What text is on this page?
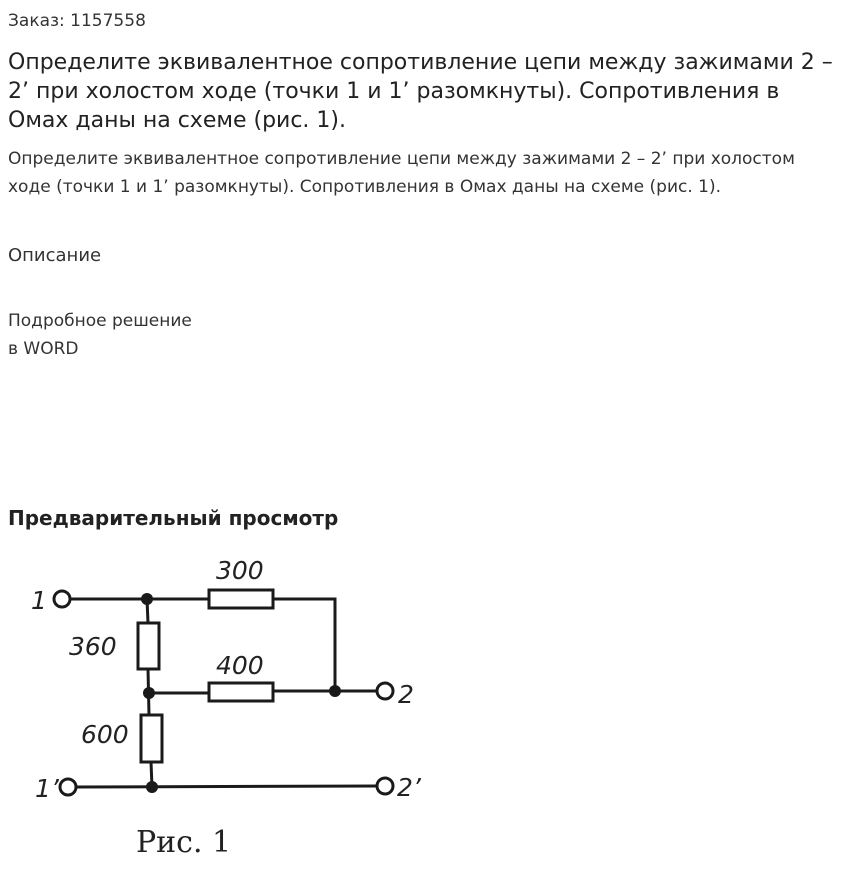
Заказ: 1157558
Определите эквивалентное сопротивление цепи между зажимами 2 – 2’ при холостом ходе (точки 1 и 1’ разомкнуты). Сопротивления в Омах даны на схеме (рис. 1).

Определите эквивалентное сопротивление цепи между зажимами 2 – 2’ при холостом ходе (точки 1 и 1’ разомкнуты). Сопротивления в Омах даны на схеме (рис. 1).

Описание
Подробное решение
в WORD
Предварительный просмотр
300
400
360
600
1
1’
2
2’
Рис. 1
